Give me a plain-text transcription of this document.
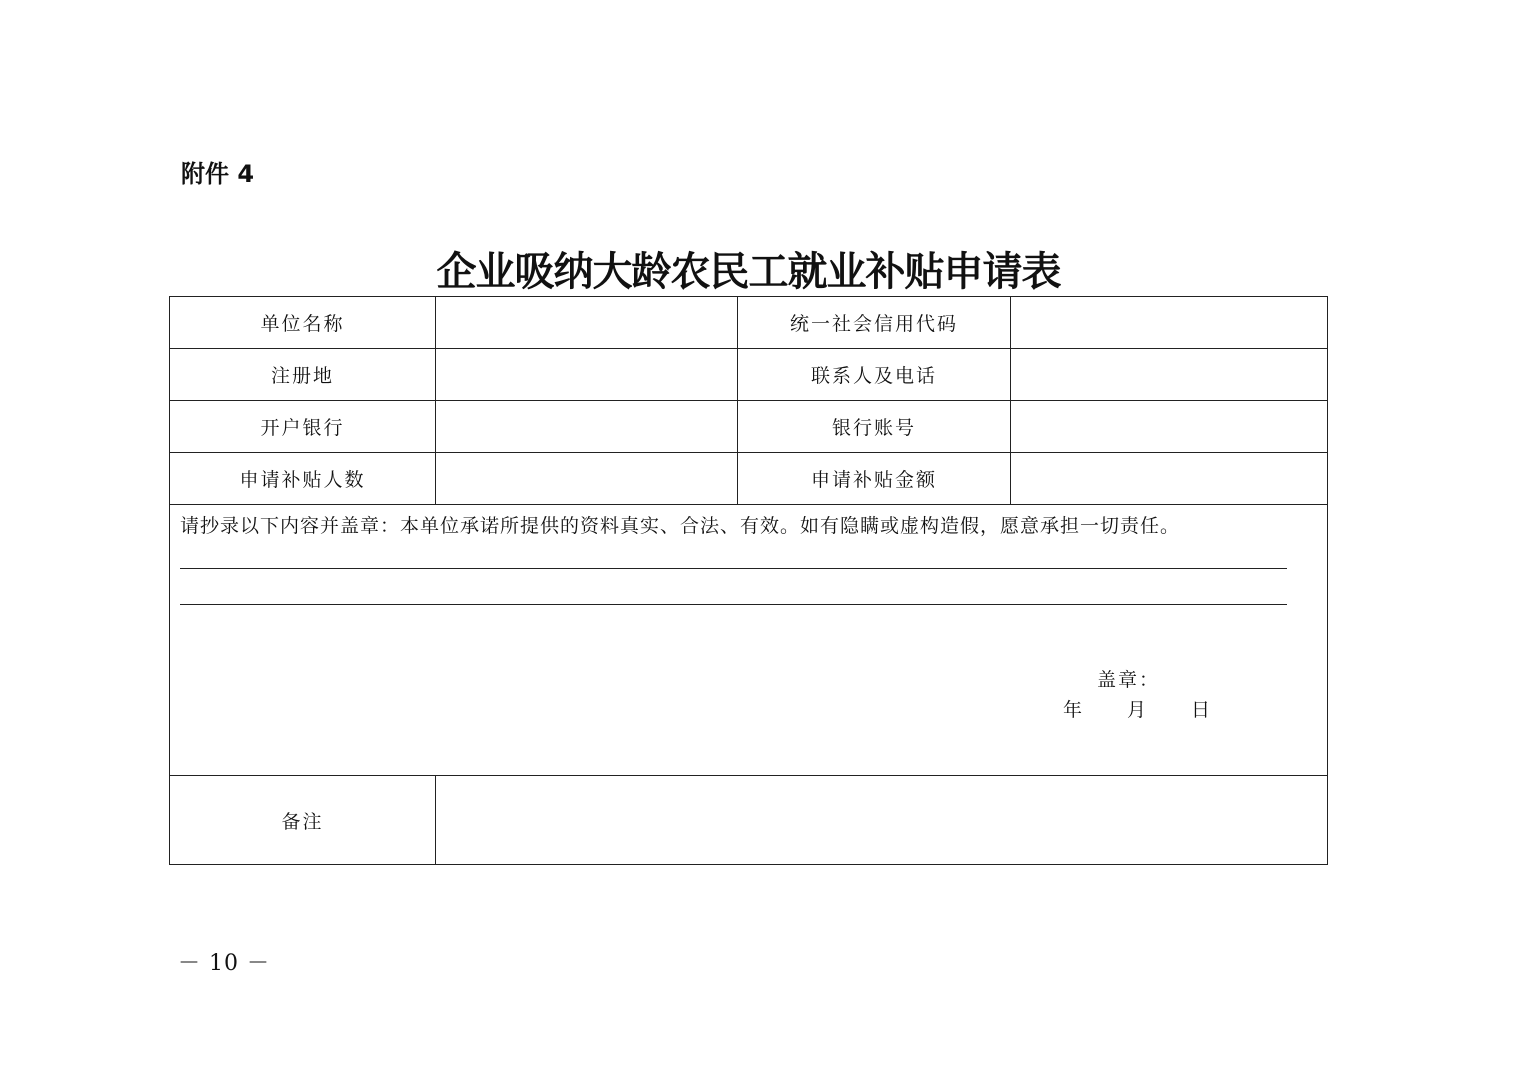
附件 4
企业吸纳大龄农民工就业补贴申请表
单位名称		统一社会信用代码	
注册地		联系人及电话	
开户银行		银行账号	
申请补贴人数		申请补贴金额	

请抄录以下内容并盖章：本单位承诺所提供的资料真实、合法、有效。如有隐瞒或虚构造假，愿意承担一切责任。
盖章：
年 月 日			

备注			
－ 10 －
